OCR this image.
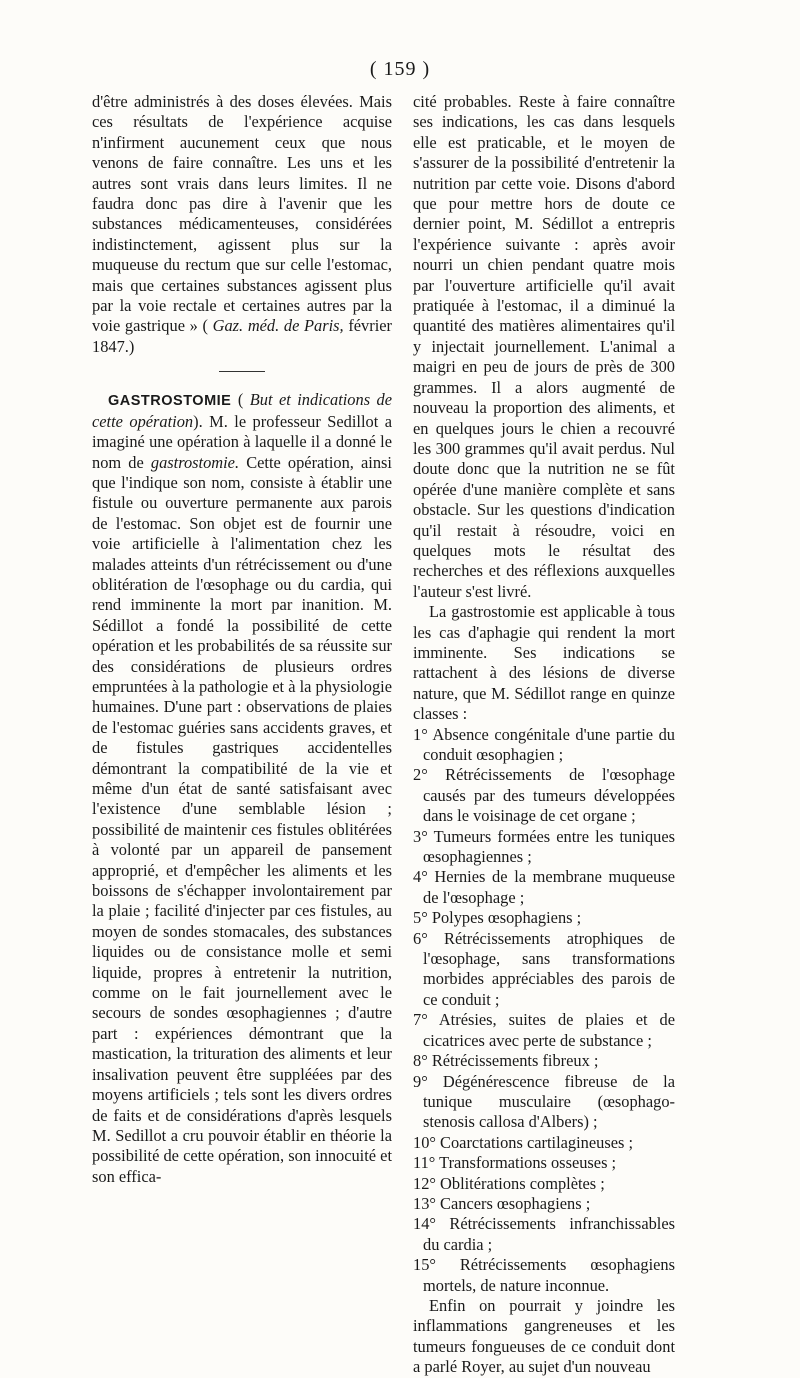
( 159 )

d'être administrés à des doses élevées. Mais ces résultats de l'expérience acquise n'infirment aucunement ceux que nous venons de faire connaître. Les uns et les autres sont vrais dans leurs limites. Il ne faudra donc pas dire à l'avenir que les substances médicamenteuses, considérées indistinctement, agissent plus sur la muqueuse du rectum que sur celle l'estomac, mais que certaines substances agissent plus par la voie rectale et certaines autres par la voie gastrique » ( Gaz. méd. de Paris, février 1847.)

GASTROSTOMIE ( But et indications de cette opération). M. le professeur Sedillot a imaginé une opération à laquelle il a donné le nom de gastrostomie. Cette opération, ainsi que l'indique son nom, consiste à établir une fistule ou ouverture permanente aux parois de l'estomac. Son objet est de fournir une voie artificielle à l'alimentation chez les malades atteints d'un rétrécissement ou d'une oblitération de l'œsophage ou du cardia, qui rend imminente la mort par inanition. M. Sédillot a fondé la possibilité de cette opération et les probabilités de sa réussite sur des considérations de plusieurs ordres empruntées à la pathologie et à la physiologie humaines. D'une part : observations de plaies de l'estomac guéries sans accidents graves, et de fistules gastriques accidentelles démontrant la compatibilité de la vie et même d'un état de santé satisfaisant avec l'existence d'une semblable lésion ; possibilité de maintenir ces fistules oblitérées à volonté par un appareil de pansement approprié, et d'empêcher les aliments et les boissons de s'échapper involontairement par la plaie ; facilité d'injecter par ces fistules, au moyen de sondes stomacales, des substances liquides ou de consistance molle et semi liquide, propres à entretenir la nutrition, comme on le fait journellement avec le secours de sondes œsophagiennes ; d'autre part : expériences démontrant que la mastication, la trituration des aliments et leur insalivation peuvent être suppléées par des moyens artificiels ; tels sont les divers ordres de faits et de considérations d'après lesquels M. Sedillot a cru pouvoir établir en théorie la possibilité de cette opération, son innocuité et son effica-

cité probables. Reste à faire connaître ses indications, les cas dans lesquels elle est praticable, et le moyen de s'assurer de la possibilité d'entretenir la nutrition par cette voie. Disons d'abord que pour mettre hors de doute ce dernier point, M. Sédillot a entrepris l'expérience suivante : après avoir nourri un chien pendant quatre mois par l'ouverture artificielle qu'il avait pratiquée à l'estomac, il a diminué la quantité des matières alimentaires qu'il y injectait journellement. L'animal a maigri en peu de jours de près de 300 grammes. Il a alors augmenté de nouveau la proportion des aliments, et en quelques jours le chien a recouvré les 300 grammes qu'il avait perdus. Nul doute donc que la nutrition ne se fût opérée d'une manière complète et sans obstacle. Sur les questions d'indication qu'il restait à résoudre, voici en quelques mots le résultat des recherches et des réflexions auxquelles l'auteur s'est livré.

La gastrostomie est applicable à tous les cas d'aphagie qui rendent la mort imminente. Ses indications se rattachent à des lésions de diverse nature, que M. Sédillot range en quinze classes :

1° Absence congénitale d'une partie du conduit œsophagien ;
2° Rétrécissements de l'œsophage causés par des tumeurs développées dans le voisinage de cet organe ;
3° Tumeurs formées entre les tuniques œsophagiennes ;
4° Hernies de la membrane muqueuse de l'œsophage ;
5° Polypes œsophagiens ;
6° Rétrécissements atrophiques de l'œsophage, sans transformations morbides appréciables des parois de ce conduit ;
7° Atrésies, suites de plaies et de cicatrices avec perte de substance ;
8° Rétrécissements fibreux ;
9° Dégénérescence fibreuse de la tunique musculaire (œsophago-stenosis callosa d'Albers) ;
10° Coarctations cartilagineuses ;
11° Transformations osseuses ;
12° Oblitérations complètes ;
13° Cancers œsophagiens ;
14° Rétrécissements infranchissables du cardia ;
15° Rétrécissements œsophagiens mortels, de nature inconnue.

Enfin on pourrait y joindre les inflammations gangreneuses et les tumeurs fongueuses de ce conduit dont a parlé Royer, au sujet d'un nouveau
